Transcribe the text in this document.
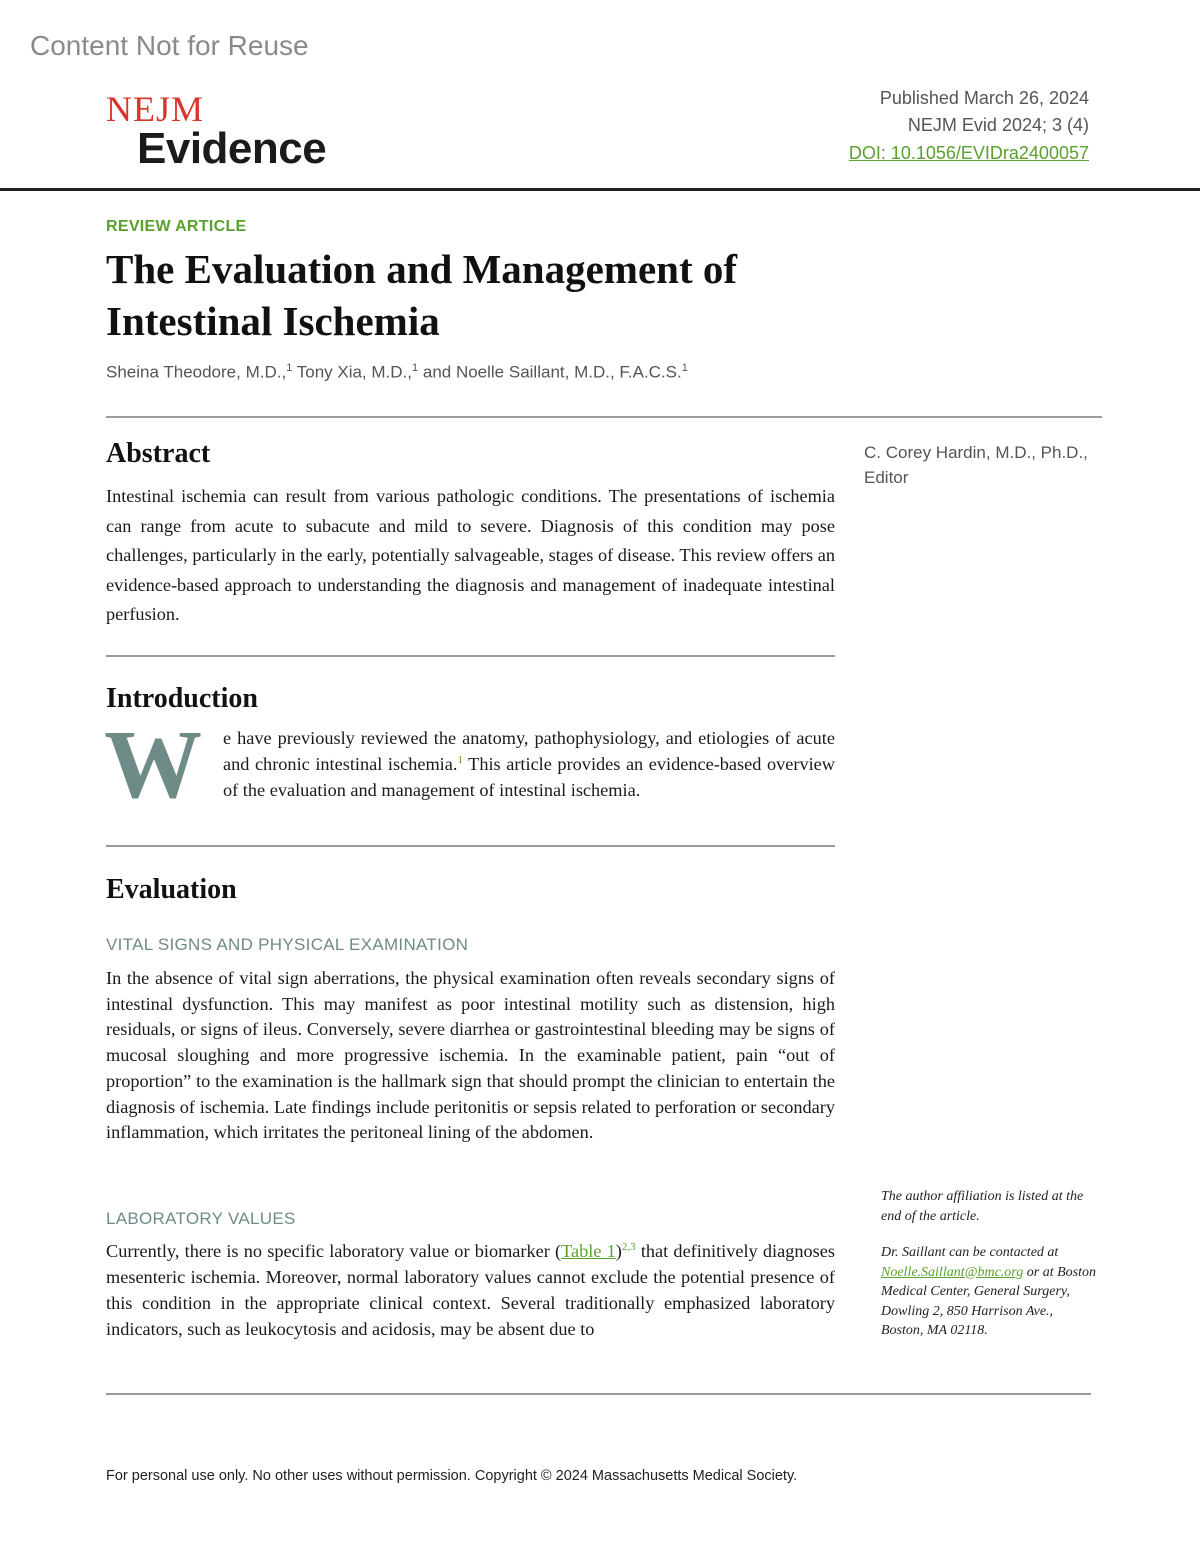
Content Not for Reuse
NEJM
Evidence
Published March 26, 2024
NEJM Evid 2024; 3 (4)
DOI: 10.1056/EVIDra2400057
REVIEW ARTICLE
The Evaluation and Management of Intestinal Ischemia
Sheina Theodore, M.D.,$^1$ Tony Xia, M.D.,$^1$ and Noelle Saillant, M.D., F.A.C.S.$^1$
Abstract

Intestinal ischemia can result from various pathologic conditions. The presentations of ischemia can range from acute to subacute and mild to severe. Diagnosis of this condition may pose challenges, particularly in the early, potentially salvageable, stages of disease. This review offers an evidence-based approach to understanding the diagnosis and management of inadequate intestinal perfusion.

C. Corey Hardin, M.D., Ph.D.,
Editor
Introduction
W e have previously reviewed the anatomy, pathophysiology, and etiologies of acute and chronic intestinal ischemia.$^1$ This article provides an evidence-based overview of the evaluation and management of intestinal ischemia.

Evaluation
VITAL SIGNS AND PHYSICAL EXAMINATION

In the absence of vital sign aberrations, the physical examination often reveals secondary signs of intestinal dysfunction. This may manifest as poor intestinal motility such as distension, high residuals, or signs of ileus. Conversely, severe diarrhea or gastrointestinal bleeding may be signs of mucosal sloughing and more progressive ischemia. In the examinable patient, pain “out of proportion” to the examination is the hallmark sign that should prompt the clinician to entertain the diagnosis of ischemia. Late findings include peritonitis or sepsis related to perforation or secondary inflammation, which irritates the peritoneal lining of the abdomen.

LABORATORY VALUES

Currently, there is no specific laboratory value or biomarker (Table 1)$^{2,3}$ that definitively diagnoses mesenteric ischemia. Moreover, normal laboratory values cannot exclude the potential presence of this condition in the appropriate clinical context. Several traditionally emphasized laboratory indicators, such as leukocytosis and acidosis, may be absent due to

The author affiliation is listed at the end of the article.
Dr. Saillant can be contacted at Noelle.Saillant@bmc.org or at Boston Medical Center, General Surgery, Dowling 2, 850 Harrison Ave., Boston, MA 02118.
For personal use only. No other uses without permission. Copyright © 2024 Massachusetts Medical Society.
